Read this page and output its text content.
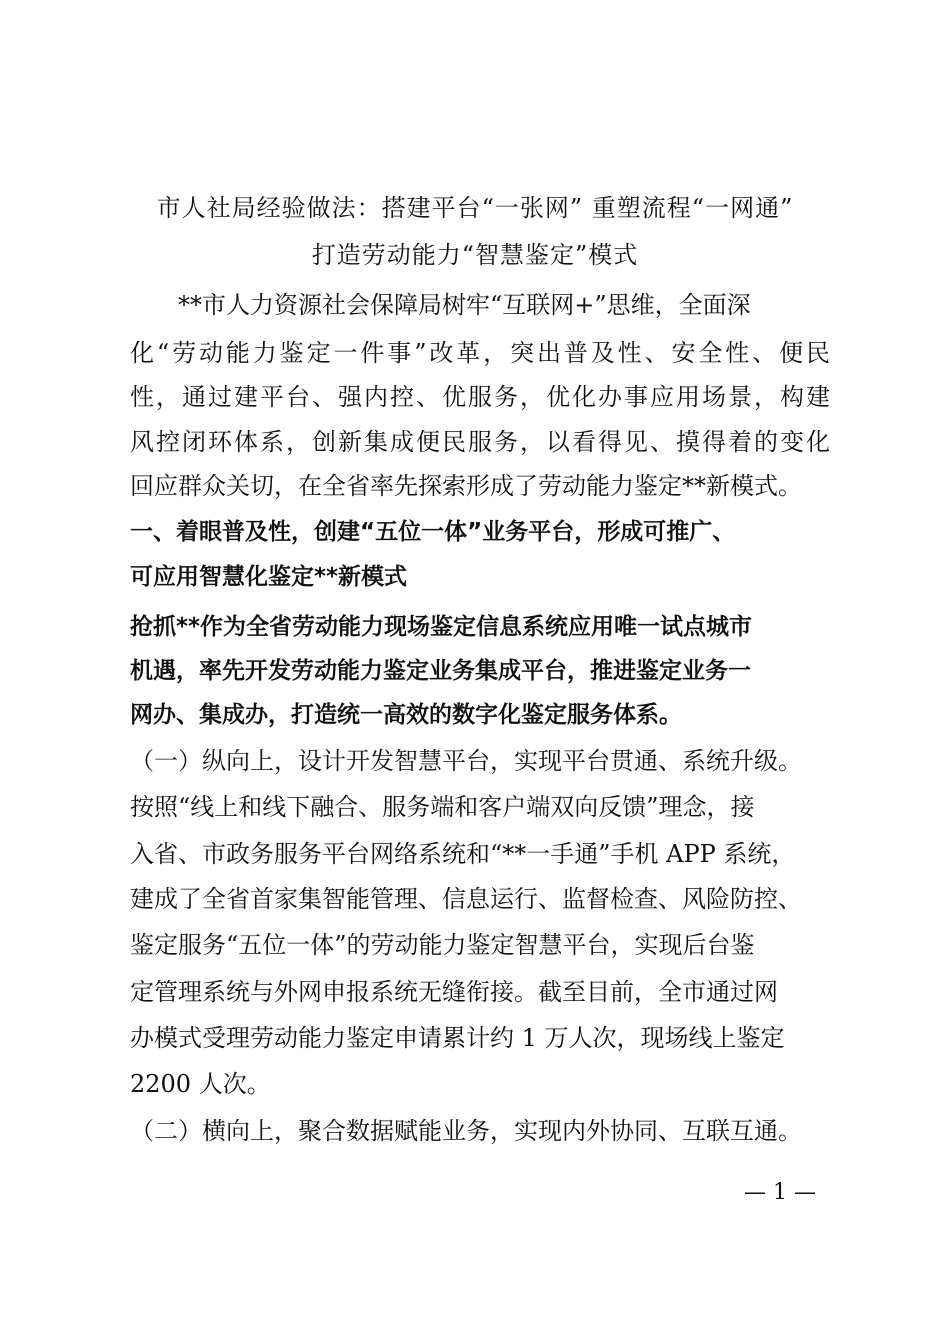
市人社局经验做法：搭建平台“一张网” 重塑流程“一网通”
打造劳动能力“智慧鉴定”模式
**市人力资源社会保障局树牢“互联网+”思维，全面深
化“劳动能力鉴定一件事”改革，突出普及性、安全性、便民
性，通过建平台、强内控、优服务，优化办事应用场景，构建
风控闭环体系，创新集成便民服务，以看得见、摸得着的变化
回应群众关切，在全省率先探索形成了劳动能力鉴定**新模式。
一、着眼普及性，创建“五位一体”业务平台，形成可推广、
可应用智慧化鉴定**新模式
抢抓**作为全省劳动能力现场鉴定信息系统应用唯一试点城市
机遇，率先开发劳动能力鉴定业务集成平台，推进鉴定业务一
网办、集成办，打造统一高效的数字化鉴定服务体系。
（一）纵向上，设计开发智慧平台，实现平台贯通、系统升级。
按照“线上和线下融合、服务端和客户端双向反馈”理念，接
入省、市政务服务平台网络系统和“**一手通”手机 APP 系统，
建成了全省首家集智能管理、信息运行、监督检查、风险防控、
鉴定服务“五位一体”的劳动能力鉴定智慧平台，实现后台鉴
定管理系统与外网申报系统无缝衔接。截至目前，全市通过网
办模式受理劳动能力鉴定申请累计约 1 万人次，现场线上鉴定
2200 人次。
（二）横向上，聚合数据赋能业务，实现内外协同、互联互通。
— 1 —
